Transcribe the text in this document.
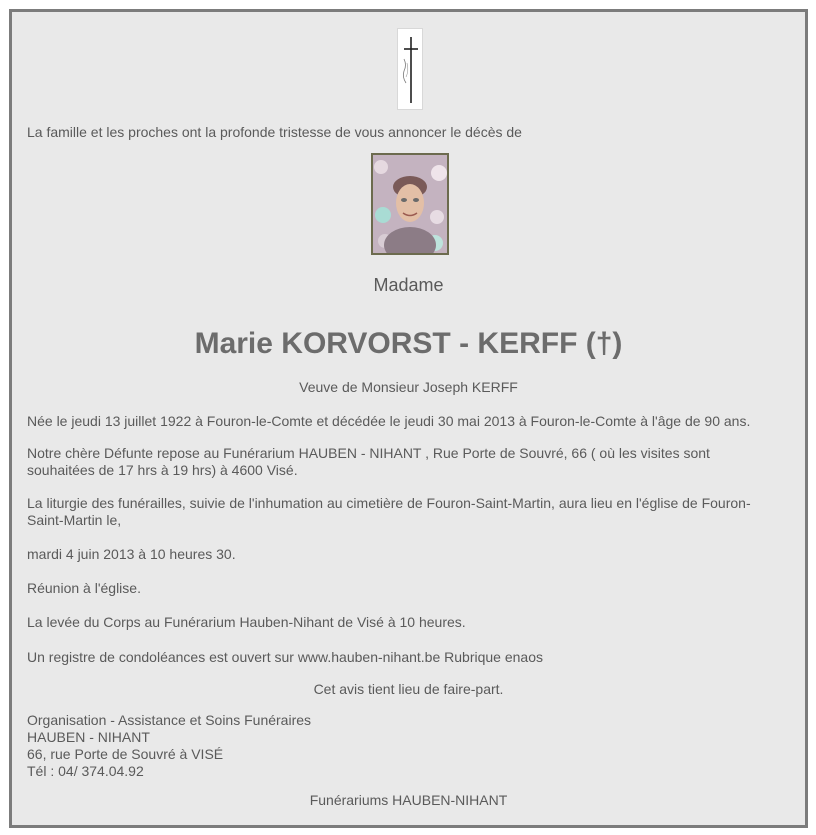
La famille et les proches ont la profonde tristesse de vous annoncer le décès de
Madame
Marie KORVORST - KERFF (†)
Veuve de Monsieur Joseph KERFF
Née le jeudi 13 juillet 1922 à Fouron-le-Comte et décédée le jeudi 30 mai 2013 à Fouron-le-Comte à l'âge de 90 ans.
Notre chère Défunte repose au Funérarium HAUBEN - NIHANT , Rue Porte de Souvré, 66 ( où les visites sont souhaitées de 17 hrs à 19 hrs) à 4600 Visé.
La liturgie des funérailles, suivie de l'inhumation au cimetière de Fouron-Saint-Martin, aura lieu en l'église de Fouron-Saint-Martin le,
mardi 4 juin 2013 à 10 heures 30.
Réunion à l'église.
La levée du Corps au Funérarium Hauben-Nihant de Visé à 10 heures.
Un registre de condoléances est ouvert sur www.hauben-nihant.be Rubrique enaos
Cet avis tient lieu de faire-part.
Organisation - Assistance et Soins Funéraires
HAUBEN - NIHANT
66, rue Porte de Souvré à VISÉ
Tél : 04/ 374.04.92
Funérariums HAUBEN-NIHANT
